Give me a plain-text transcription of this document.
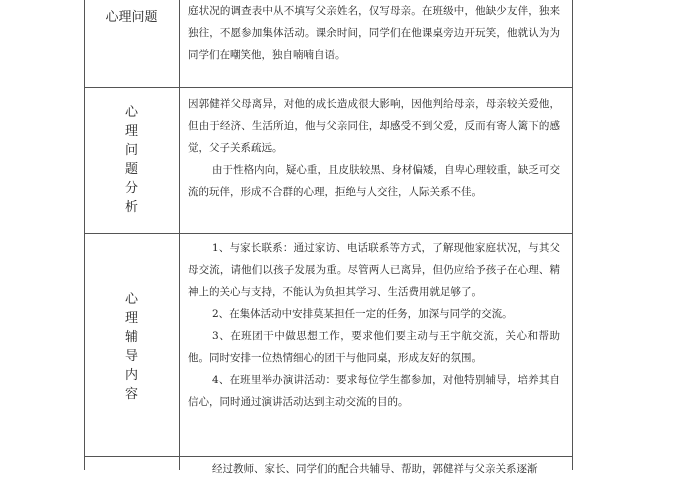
心理问题	庭状况的调查表中从不填写父亲姓名，仅写母亲。在班级中，他缺少友伴，独来独往，不愿参加集体活动。课余时间，同学们在他课桌旁边开玩笑，他就认为为同学们在嘲笑他，独自喃喃自语。

心
理
问
题
分
析

因郭健祥父母离异，对他的成长造成很大影响，因他判给母亲，母亲较关爱他，但由于经济、生活所迫，他与父亲同住，却感受不到父爱，反而有寄人篱下的感觉，父子关系疏远。

由于性格内向，疑心重，且皮肤较黑、身材偏矮，自卑心理较重，缺乏可交流的玩伴，形成不合群的心理，拒绝与人交往，人际关系不佳。

心
理
辅
导
内
容

1、与家长联系：通过家访、电话联系等方式，了解现他家庭状况，与其父母交流，请他们以孩子发展为重。尽管两人已离异，但仍应给予孩子在心理、精神上的关心与支持，不能认为负担其学习、生活费用就足够了。

2、在集体活动中安排莫某担任一定的任务，加深与同学的交流。

3、在班团干中做思想工作，要求他们要主动与王宇航交流，关心和帮助他。同时安排一位热情细心的团干与他同桌，形成友好的氛围。

4、在班里举办演讲活动：要求每位学生都参加，对他特别辅导，培养其自信心，同时通过演讲活动达到主动交流的目的。

经过教师、家长、同学们的配合共辅导、帮助，郭健祥与父亲关系逐渐
